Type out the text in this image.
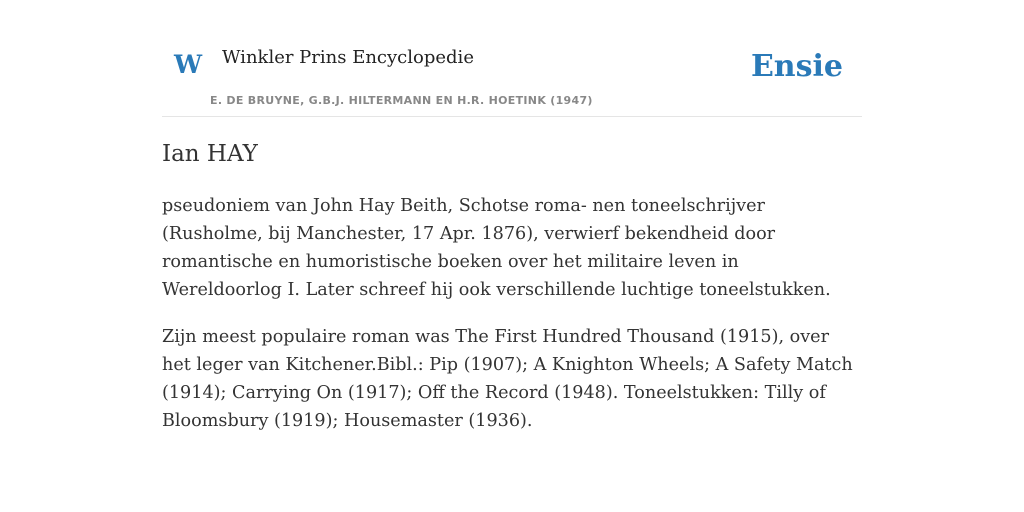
W Winkler Prins Encyclopedie
E. DE BRUYNE, G.B.J. HILTERMANN EN H.R. HOETINK (1947)
Ensie
Ian HAY

pseudoniem van John Hay Beith, Schotse roma- nen toneelschrijver (Rusholme, bij Manchester, 17 Apr. 1876), verwierf bekendheid door romantische en humoristische boeken over het militaire leven in Wereldoorlog I. Later schreef hij ook verschillende luchtige toneelstukken.

Zijn meest populaire roman was The First Hundred Thousand (1915), over het leger van Kitchener.Bibl.: Pip (1907); A Knighton Wheels; A Safety Match (1914); Carrying On (1917); Off the Record (1948). Toneelstukken: Tilly of Bloomsbury (1919); Housemaster (1936).
